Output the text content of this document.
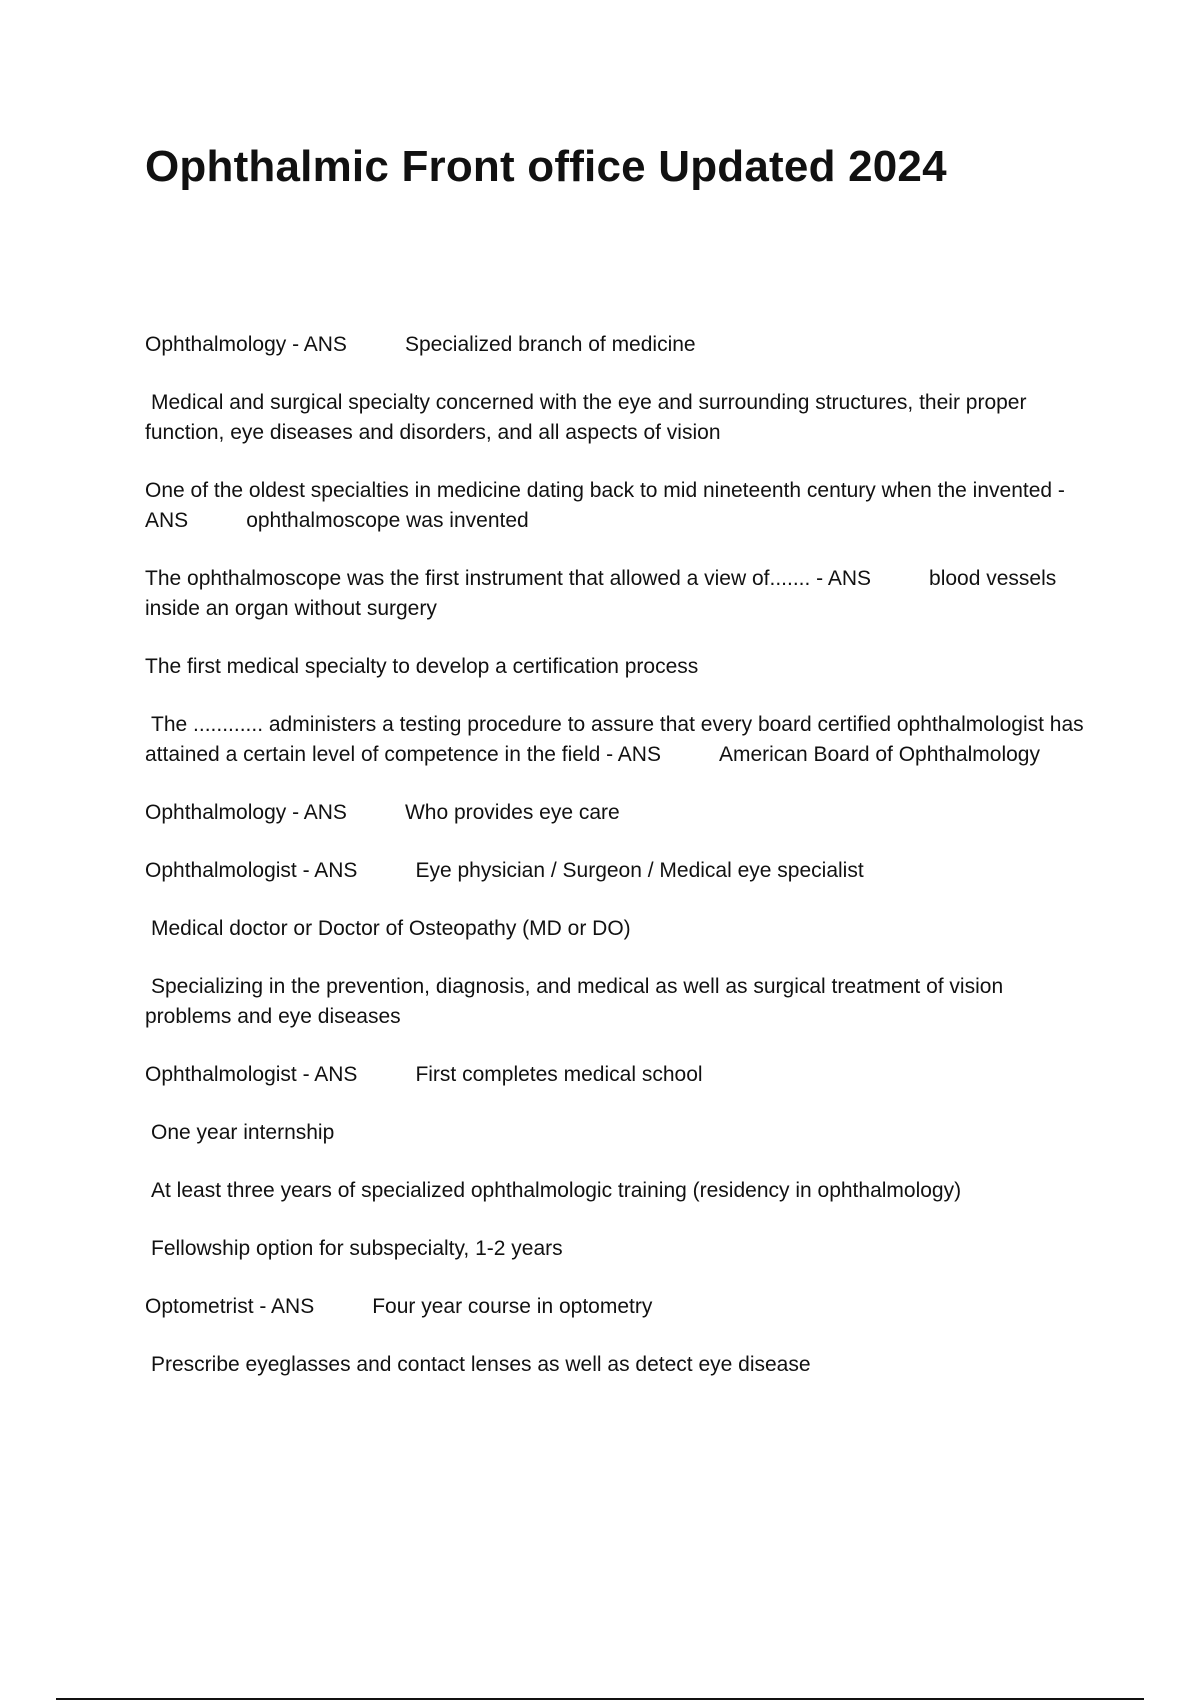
Ophthalmic Front office Updated 2024

Ophthalmology - ANS	Specialized branch of medicine

Medical and surgical specialty concerned with the eye and surrounding structures, their proper function, eye diseases and disorders, and all aspects of vision

One of the oldest specialties in medicine dating back to mid nineteenth century when the invented - ANS	ophthalmoscope was invented

The ophthalmoscope was the first instrument that allowed a view of....... - ANS	blood vessels inside an organ without surgery

The first medical specialty to develop a certification process

The ............ administers a testing procedure to assure that every board certified ophthalmologist has attained a certain level of competence in the field - ANS	American Board of Ophthalmology

Ophthalmology - ANS	Who provides eye care

Ophthalmologist - ANS	Eye physician / Surgeon / Medical eye specialist

Medical doctor or Doctor of Osteopathy (MD or DO)

Specializing in the prevention, diagnosis, and medical as well as surgical treatment of vision problems and eye diseases

Ophthalmologist - ANS	First completes medical school

One year internship

At least three years of specialized ophthalmologic training (residency in ophthalmology)

Fellowship option for subspecialty, 1-2 years

Optometrist - ANS	Four year course in optometry

Prescribe eyeglasses and contact lenses as well as detect eye disease
